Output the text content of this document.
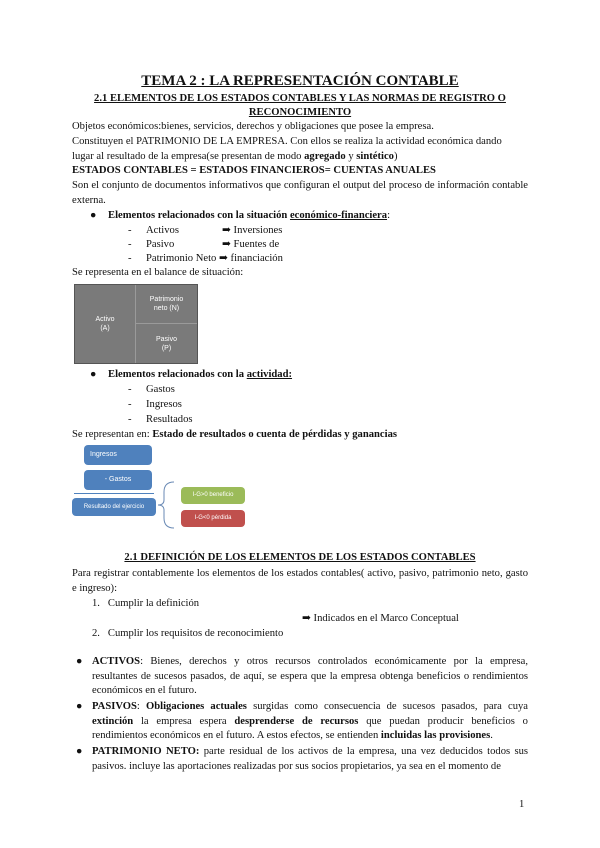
TEMA 2 : LA REPRESENTACIÓN CONTABLE
2.1 ELEMENTOS DE LOS ESTADOS CONTABLES Y LAS NORMAS DE REGISTRO O RECONOCIMIENTO
Objetos económicos:bienes, servicios, derechos y obligaciones que posee la empresa.
Constituyen el PATRIMONIO DE LA EMPRESA. Con ellos se realiza la actividad económica dando
lugar al resultado de la empresa(se presentan de modo agregado y sintético)
ESTADOS CONTABLES = ESTADOS FINANCIEROS= CUENTAS ANUALES
Son el conjunto de documentos informativos que configuran el output del proceso de información contable externa.
● Elementos relacionados con la situación económico-financiera:
- Activos	➡ Inversiones
- Pasivo	➡ Fuentes de
- Patrimonio Neto ➡ financiación
Se representa en el balance de situación:
Activo
(A)
Patrimonio neto (N)
Pasivo
(P)
● Elementos relacionados con la actividad:
- Gastos
- Ingresos
- Resultados
Se representan en: Estado de resultados o cuenta de pérdidas y ganancias
Ingresos
- Gastos
Resultado del ejercicio
I-G>0 beneficio
I-G<0 pérdida
2.1 DEFINICIÓN DE LOS ELEMENTOS DE LOS ESTADOS CONTABLES
Para registrar contablemente los elementos de los estados contables( activo, pasivo, patrimonio neto, gasto e ingreso):
1.   Cumplir la definición
➡ Indicados en el Marco Conceptual
2.   Cumplir los requisitos de reconocimiento
● ACTIVOS: Bienes, derechos y otros recursos controlados económicamente por la empresa, resultantes de sucesos pasados, de aquí, se espera que la empresa obtenga beneficios o rendimientos económicos en el futuro.
● PASIVOS: Obligaciones actuales surgidas como consecuencia de sucesos pasados, para cuya extinción la empresa espera desprenderse de recursos que puedan producir beneficios o rendimientos económicos en el futuro. A estos efectos, se entienden incluidas las provisiones.
● PATRIMONIO NETO: parte residual de los activos de la empresa, una vez deducidos todos sus pasivos. incluye las aportaciones realizadas por sus socios propietarios, ya sea en el momento de
1
